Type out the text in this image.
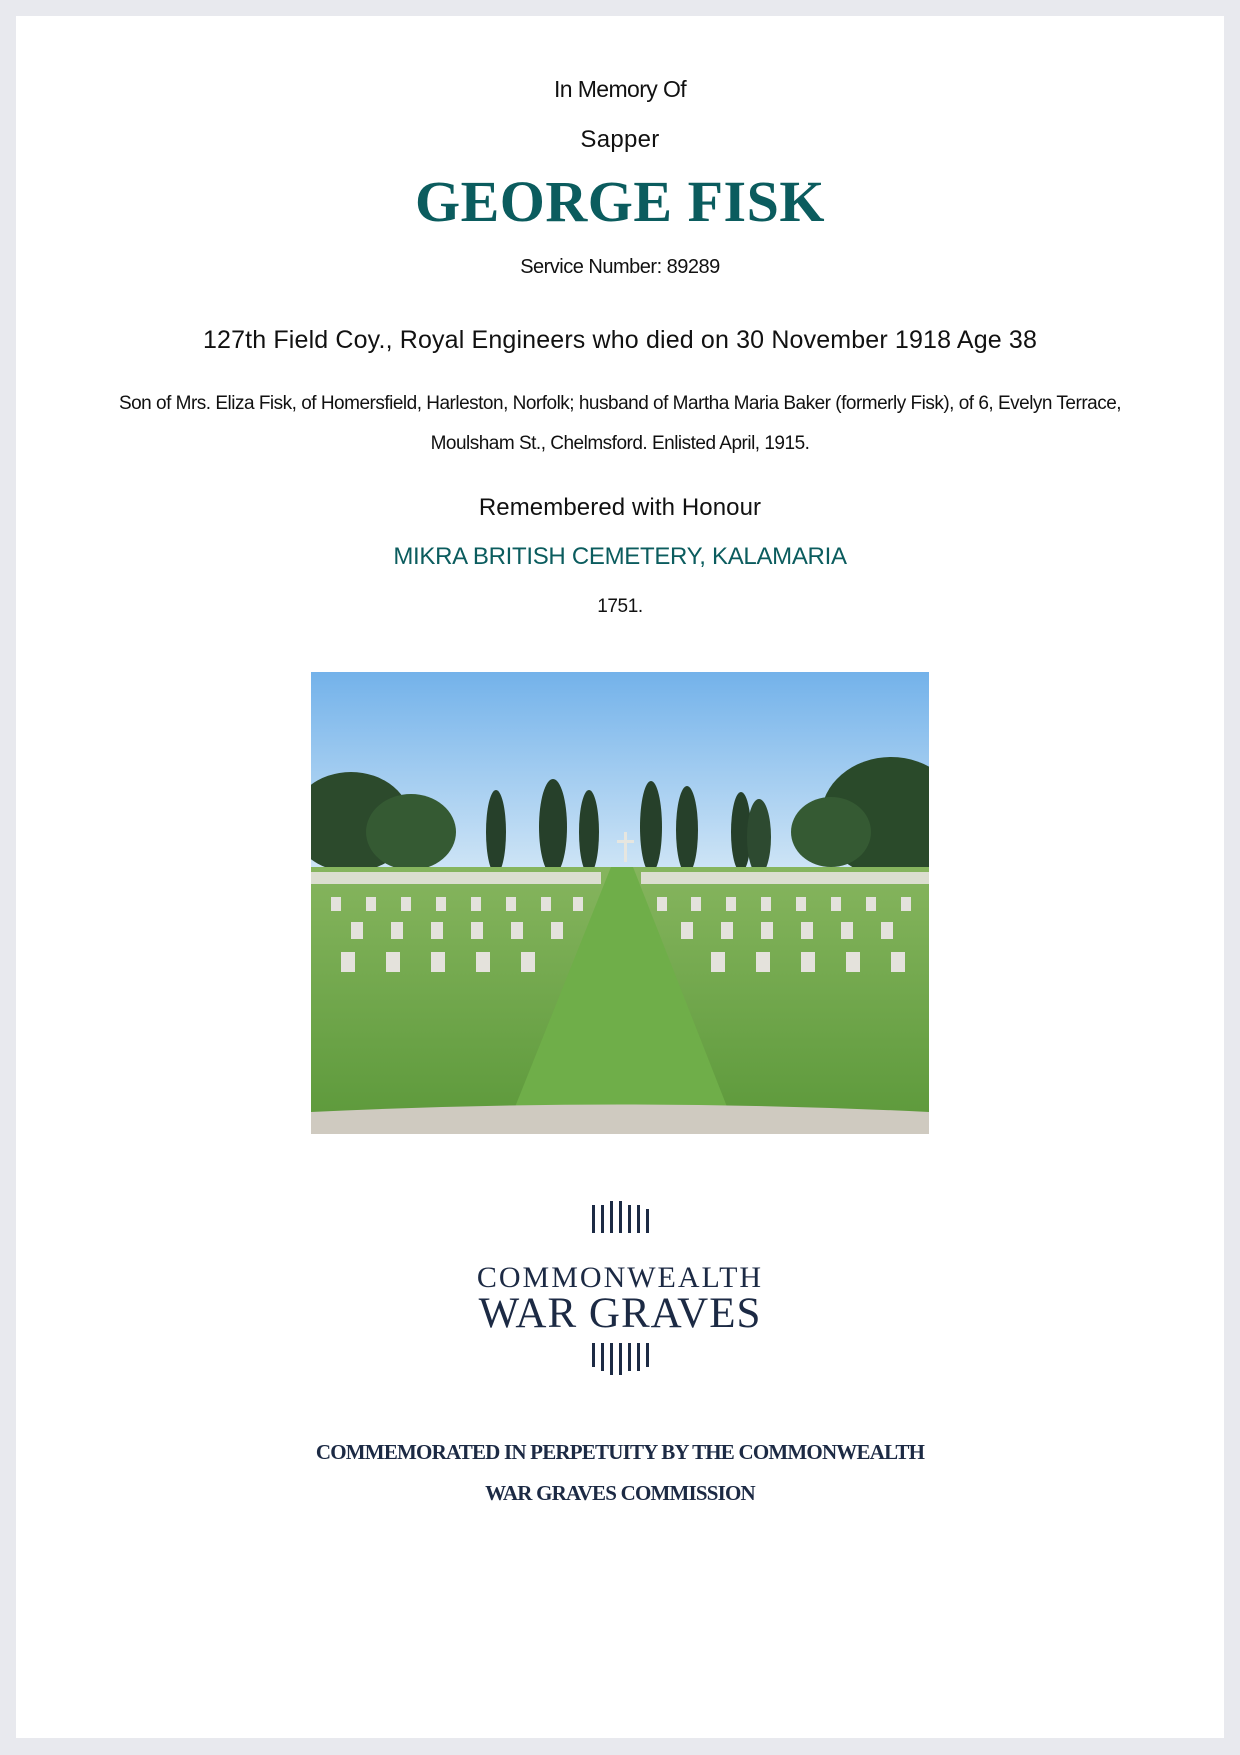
In Memory Of
Sapper
GEORGE FISK
Service Number: 89289
127th Field Coy., Royal Engineers who died on 30 November 1918 Age 38

Son of Mrs. Eliza Fisk, of Homersfield, Harleston, Norfolk; husband of Martha Maria Baker (formerly Fisk), of 6, Evelyn Terrace, Moulsham St., Chelmsford. Enlisted April, 1915.

Remembered with Honour
MIKRA BRITISH CEMETERY, KALAMARIA
1751.
COMMONWEALTH
WAR GRAVES
COMMEMORATED IN PERPETUITY BY THE COMMONWEALTH
WAR GRAVES COMMISSION
